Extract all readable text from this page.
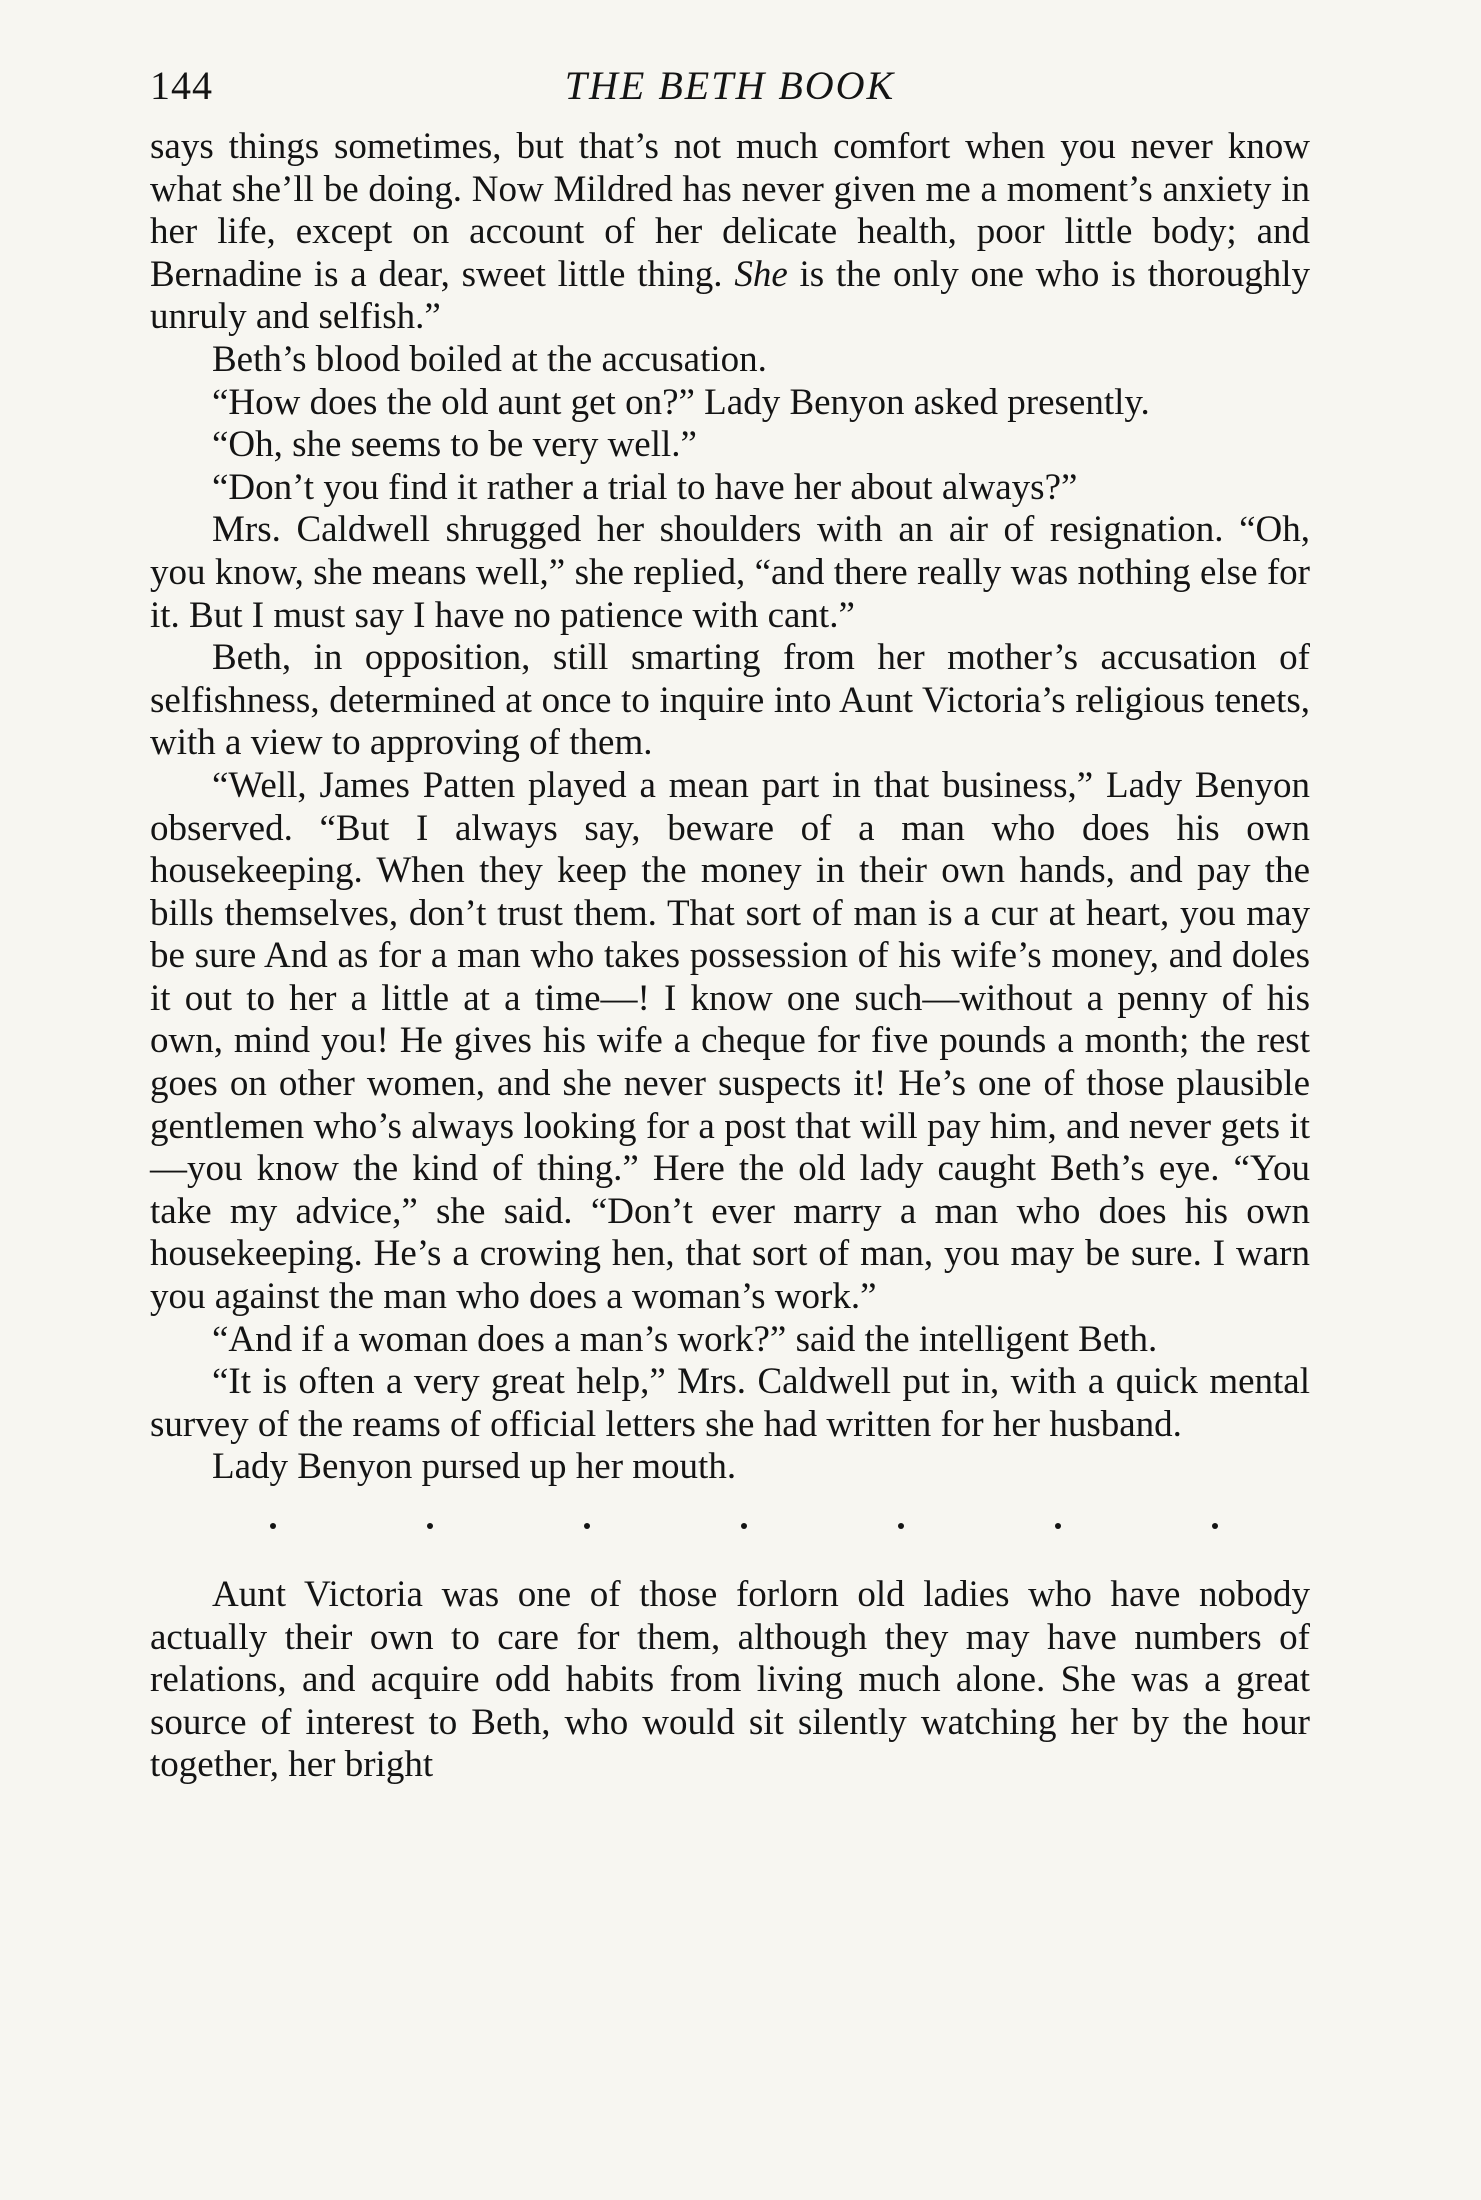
144	THE BETH BOOK

says things sometimes, but that’s not much comfort when you never know what she’ll be doing. Now Mildred has never given me a moment’s anxiety in her life, except on account of her delicate health, poor little body; and Bernadine is a dear, sweet little thing. She is the only one who is thoroughly unruly and selfish.”

Beth’s blood boiled at the accusation.

“How does the old aunt get on?” Lady Benyon asked presently.

“Oh, she seems to be very well.”

“Don’t you find it rather a trial to have her about always?”

Mrs. Caldwell shrugged her shoulders with an air of resignation. “Oh, you know, she means well,” she replied, “and there really was nothing else for it. But I must say I have no patience with cant.”

Beth, in opposition, still smarting from her mother’s accusation of selfishness, determined at once to inquire into Aunt Victoria’s religious tenets, with a view to approving of them.

“Well, James Patten played a mean part in that business,” Lady Benyon observed. “But I always say, beware of a man who does his own housekeeping. When they keep the money in their own hands, and pay the bills themselves, don’t trust them. That sort of man is a cur at heart, you may be sure And as for a man who takes possession of his wife’s money, and doles it out to her a little at a time—! I know one such—without a penny of his own, mind you! He gives his wife a cheque for five pounds a month; the rest goes on other women, and she never suspects it! He’s one of those plausible gentlemen who’s always looking for a post that will pay him, and never gets it—you know the kind of thing.” Here the old lady caught Beth’s eye. “You take my advice,” she said. “Don’t ever marry a man who does his own housekeeping. He’s a crowing hen, that sort of man, you may be sure. I warn you against the man who does a woman’s work.”

“And if a woman does a man’s work?” said the intelligent Beth.

“It is often a very great help,” Mrs. Caldwell put in, with a quick mental survey of the reams of official letters she had written for her husband.

Lady Benyon pursed up her mouth.

Aunt Victoria was one of those forlorn old ladies who have nobody actually their own to care for them, although they may have numbers of relations, and acquire odd habits from living much alone. She was a great source of interest to Beth, who would sit silently watching her by the hour together, her bright
